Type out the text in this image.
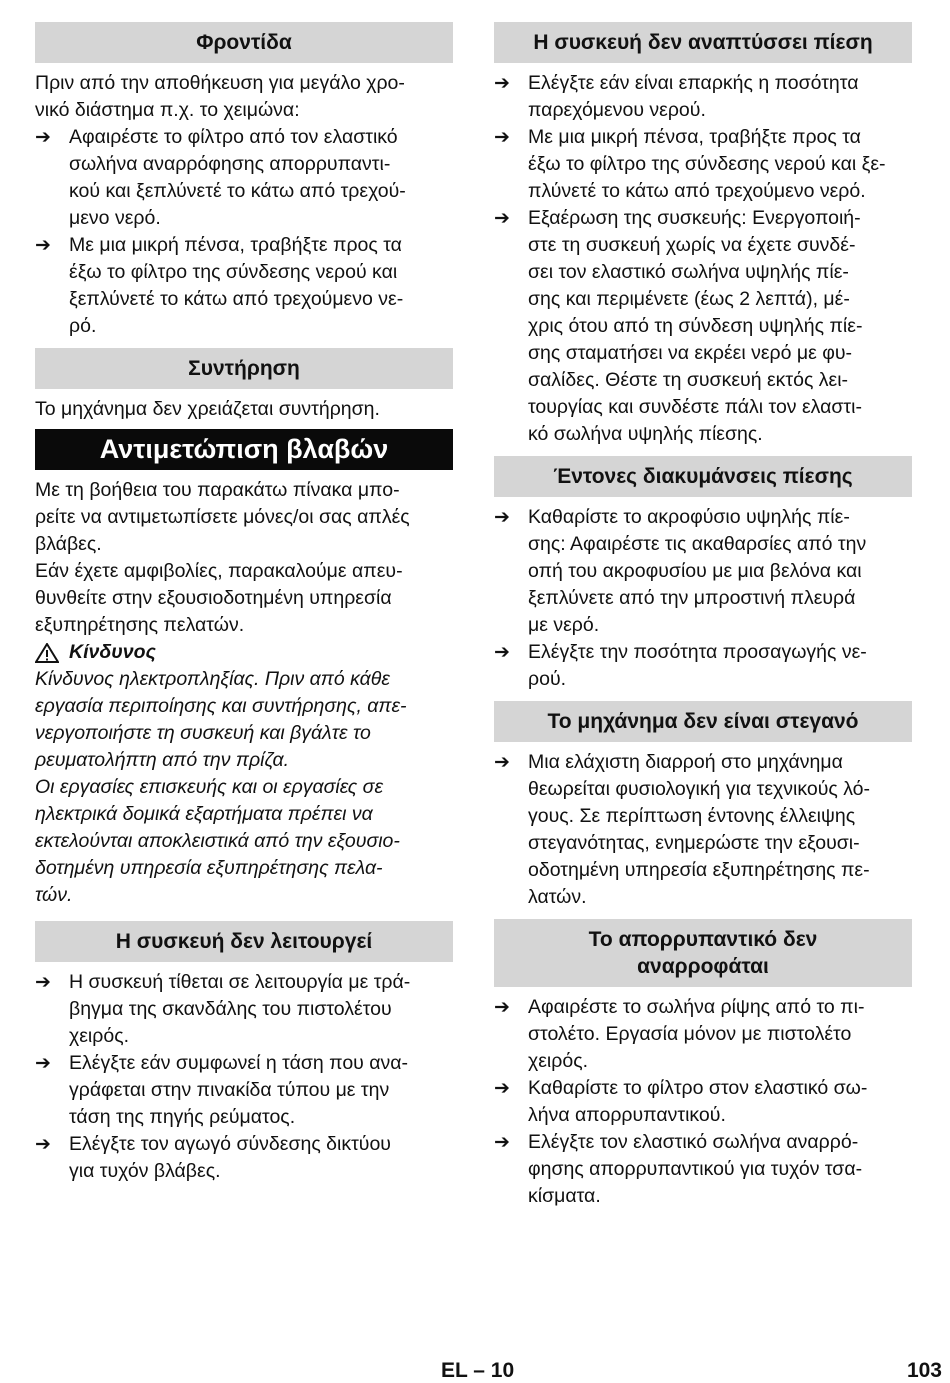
Φροντίδα
Πριν από την αποθήκευση για μεγάλο χρο-
νικό διάστημα π.χ. το χειμώνα:
➔ Αφαιρέστε το φίλτρο από τον ελαστικό
σωλήνα αναρρόφησης απορρυπαντι-
κού και ξεπλύνετέ το κάτω από τρεχού-
μενο νερό.
➔ Με μια μικρή πένσα, τραβήξτε προς τα
έξω το φίλτρο της σύνδεσης νερού και
ξεπλύνετέ το κάτω από τρεχούμενο νε-
ρό.
Συντήρηση
Το μηχάνημα δεν χρειάζεται συντήρηση.
Αντιμετώπιση βλαβών
Με τη βοήθεια του παρακάτω πίνακα μπο-
ρείτε να αντιμετωπίσετε μόνες/οι σας απλές
βλάβες.
Εάν έχετε αμφιβολίες, παρακαλούμε απευ-
θυνθείτε στην εξουσιοδοτημένη υπηρεσία
εξυπηρέτησης πελατών.
Κίνδυνος
Κίνδυνος ηλεκτροπληξίας. Πριν από κάθε
εργασία περιποίησης και συντήρησης, απε-
νεργοποιήστε τη συσκευή και βγάλτε το
ρευματολήπτη από την πρίζα.
Οι εργασίες επισκευής και οι εργασίες σε
ηλεκτρικά δομικά εξαρτήματα πρέπει να
εκτελούνται αποκλειστικά από την εξουσιο-
δοτημένη υπηρεσία εξυπηρέτησης πελα-
τών.
Η συσκευή δεν λειτουργεί
➔ Η συσκευή τίθεται σε λειτουργία με τρά-
βηγμα της σκανδάλης του πιστολέτου
χειρός.
➔ Ελέγξτε εάν συμφωνεί η τάση που ανα-
γράφεται στην πινακίδα τύπου με την
τάση της πηγής ρεύματος.
➔ Ελέγξτε τον αγωγό σύνδεσης δικτύου
για τυχόν βλάβες.
Η συσκευή δεν αναπτύσσει πίεση
➔ Ελέγξτε εάν είναι επαρκής η ποσότητα
παρεχόμενου νερού.
➔ Με μια μικρή πένσα, τραβήξτε προς τα
έξω το φίλτρο της σύνδεσης νερού και ξε-
πλύνετέ το κάτω από τρεχούμενο νερό.
➔ Εξαέρωση της συσκευής: Ενεργοποιή-
στε τη συσκευή χωρίς να έχετε συνδέ-
σει τον ελαστικό σωλήνα υψηλής πίε-
σης και περιμένετε (έως 2 λεπτά), μέ-
χρις ότου από τη σύνδεση υψηλής πίε-
σης σταματήσει να εκρέει νερό με φυ-
σαλίδες. Θέστε τη συσκευή εκτός λει-
τουργίας και συνδέστε πάλι τον ελαστι-
κό σωλήνα υψηλής πίεσης.
Έντονες διακυμάνσεις πίεσης
➔ Καθαρίστε το ακροφύσιο υψηλής πίε-
σης: Αφαιρέστε τις ακαθαρσίες από την
οπή του ακροφυσίου με μια βελόνα και
ξεπλύνετε από την μπροστινή πλευρά
με νερό.
➔ Ελέγξτε την ποσότητα προσαγωγής νε-
ρού.
Το μηχάνημα δεν είναι στεγανό
➔ Μια ελάχιστη διαρροή στο μηχάνημα
θεωρείται φυσιολογική για τεχνικούς λό-
γους. Σε περίπτωση έντονης έλλειψης
στεγανότητας, ενημερώστε την εξουσι-
οδοτημένη υπηρεσία εξυπηρέτησης πε-
λατών.
Το απορρυπαντικό δεν
αναρροφάται
➔ Αφαιρέστε το σωλήνα ρίψης από το πι-
στολέτο. Εργασία μόνον με πιστολέτο
χειρός.
➔ Καθαρίστε το φίλτρο στον ελαστικό σω-
λήνα απορρυπαντικού.
➔ Ελέγξτε τον ελαστικό σωλήνα αναρρό-
φησης απορρυπαντικού για τυχόν τσα-
κίσματα.
EL – 10	103
